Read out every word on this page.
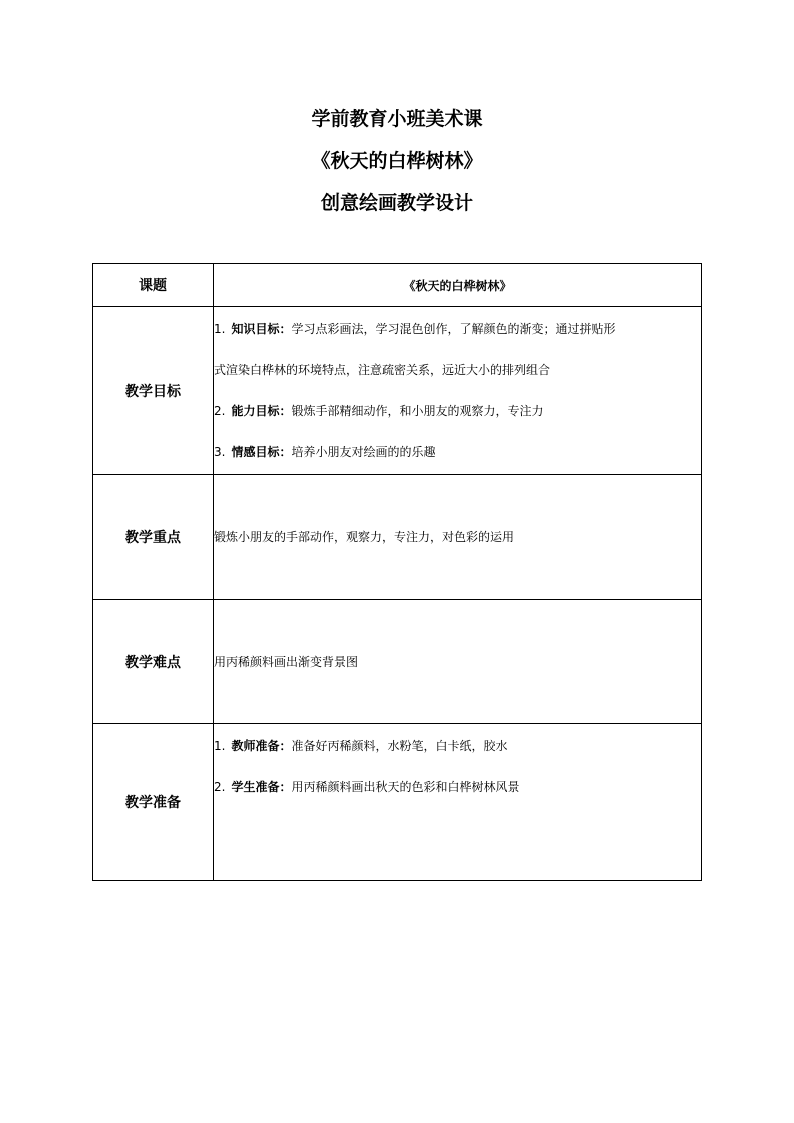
学前教育小班美术课
《秋天的白桦树林》
创意绘画教学设计
课题	《秋天的白桦树林》
教学目标	1. 知识目标：学习点彩画法，学习混色创作，了解颜色的渐变；通过拼贴形
式渲染白桦林的环境特点，注意疏密关系，远近大小的排列组合
2. 能力目标：锻炼手部精细动作，和小朋友的观察力，专注力
3. 情感目标：培养小朋友对绘画的的乐趣

教学重点	锻炼小朋友的手部动作，观察力，专注力，对色彩的运用
教学难点	用丙稀颜料画出渐变背景图
教学准备	1. 教师准备：准备好丙稀颜料，水粉笔，白卡纸，胶水
2. 学生准备：用丙稀颜料画出秋天的色彩和白桦树林风景
